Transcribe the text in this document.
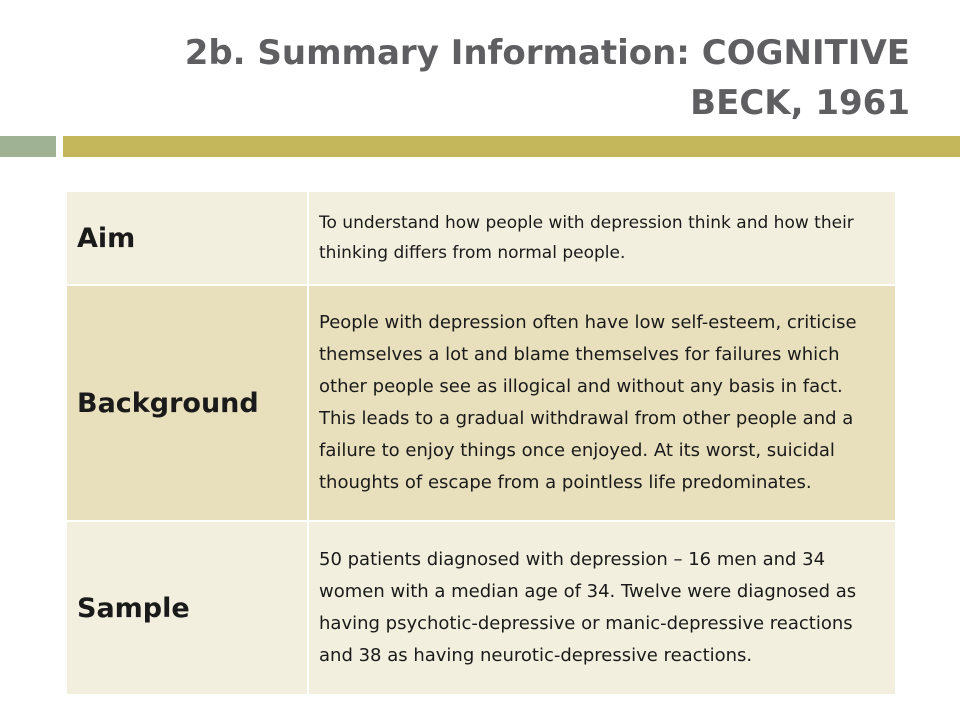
2b. Summary Information: COGNITIVE
BECK, 1961
Aim	To understand how people with depression think and how their thinking differs from normal people.
Background	People with depression often have low self-esteem, criticise themselves a lot and blame themselves for failures which other people see as illogical and without any basis in fact. This leads to a gradual withdrawal from other people and a failure to enjoy things once enjoyed. At its worst, suicidal thoughts of escape from a pointless life predominates.
Sample	50 patients diagnosed with depression – 16 men and 34 women with a median age of 34. Twelve were diagnosed as having psychotic-depressive or manic-depressive reactions and 38 as having neurotic-depressive reactions.
